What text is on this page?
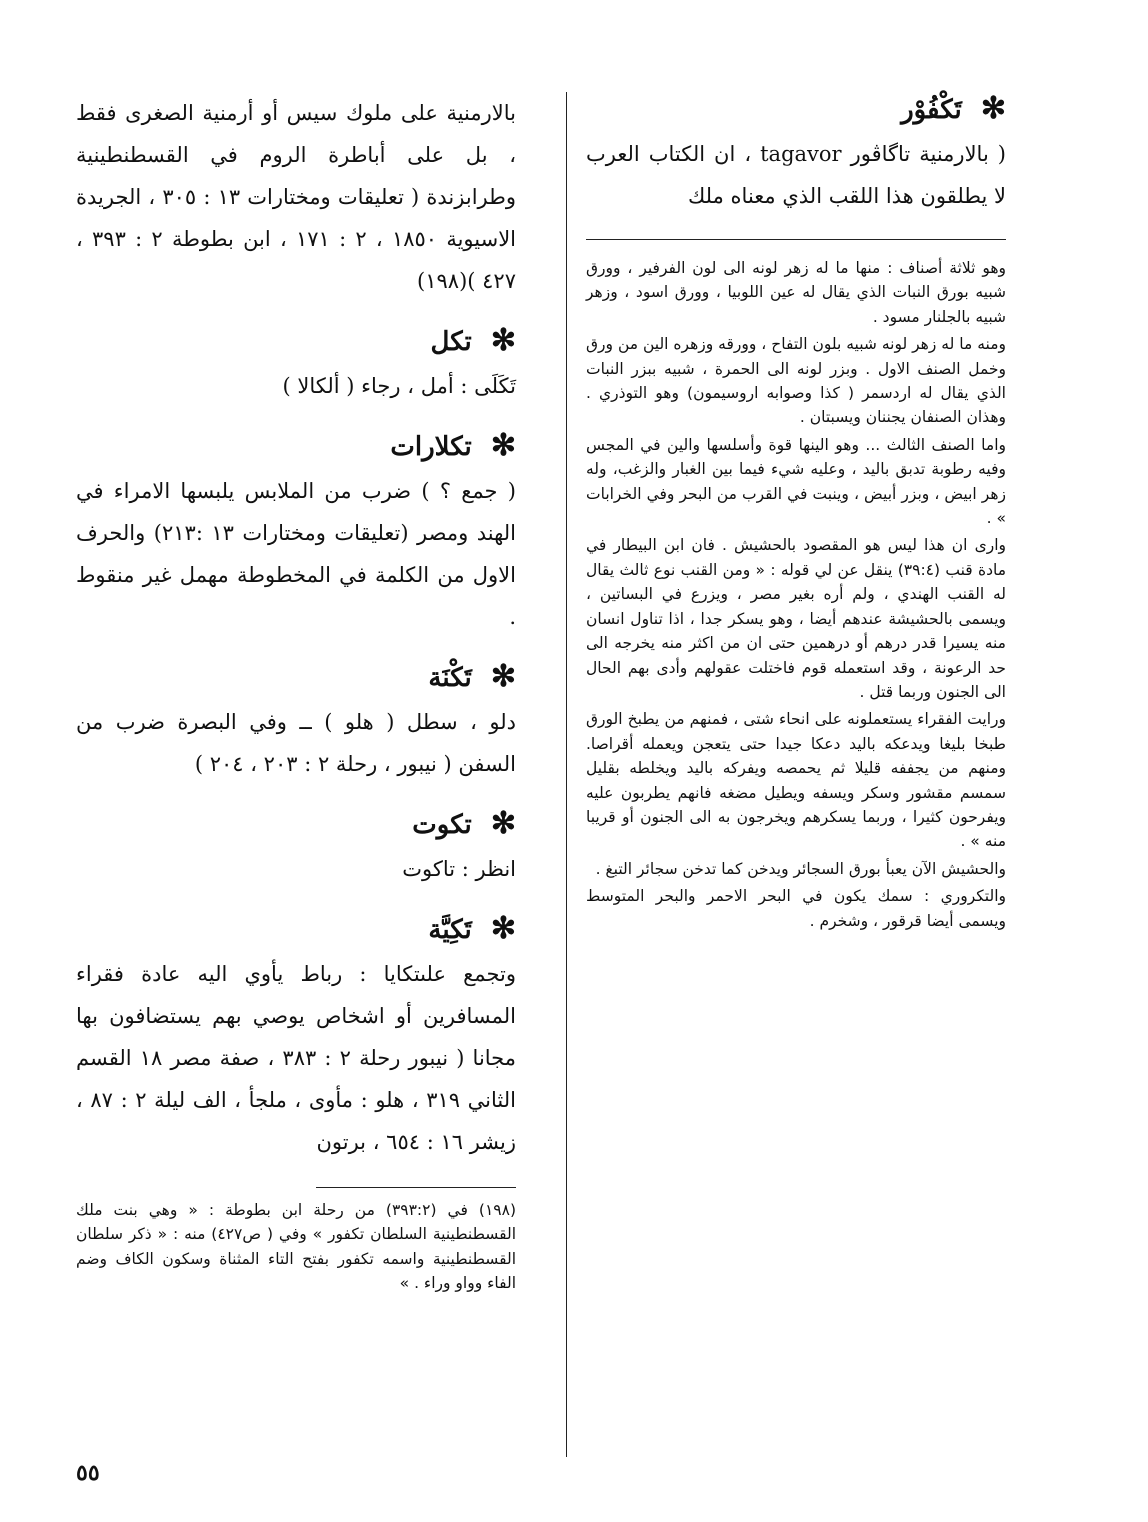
✻ تَكْفُوْر

( بالارمنية تاگاڤور tagavor ، ان الكتاب العرب لا يطلقون هذا اللقب الذي معناه ملك

وهو ثلاثة أصناف : منها ما له زهر لونه الى لون الفرفير ، وورق شبيه بورق النبات الذي يقال له عين اللوبيا ، وورق اسود ، وزهر شبيه بالجلنار مسود .

ومنه ما له زهر لونه شبيه بلون التفاح ، وورقه وزهره الين من ورق وخمل الصنف الاول . وبزر لونه الى الحمرة ، شبيه ببزر النبات الذي يقال له اردسمر ( كذا وصوابه اروسيمون) وهو التوذري . وهذان الصنفان يجننان ويسبتان .

واما الصنف الثالث ... وهو الينها قوة وأسلسها والين في المجس وفيه رطوبة تدبق باليد ، وعليه شيء فيما بين الغبار والزغب، وله زهر ابيض ، وبزر أبيض ، وينبت في القرب من البحر وفي الخرابات » .

واری ان هذا ليس هو المقصود بالحشيش . فان ابن البيطار في مادة قنب (٣٩:٤) ينقل عن لي قوله : « ومن القنب نوع ثالث يقال له القنب الهندي ، ولم أره بغير مصر ، ويزرع في البساتين ، ويسمى بالحشيشة عندهم أيضا ، وهو يسكر جدا ، اذا تناول انسان منه يسيرا قدر درهم أو درهمين حتى ان من اكثر منه يخرجه الى حد الرعونة ، وقد استعمله قوم فاختلت عقولهم وأدى بهم الحال الى الجنون وربما قتل .

ورايت الفقراء يستعملونه على انحاء شتى ، فمنهم من يطبخ الورق طبخا بليغا ويدعكه باليد دعكا جيدا حتى يتعجن ويعمله أقراصا. ومنهم من يجففه قليلا ثم يحمصه ويفركه باليد ويخلطه بقليل سمسم مقشور وسكر ويسفه ويطيل مضغه فانهم يطربون عليه ويفرحون كثيرا ، وربما يسكرهم ويخرجون به الى الجنون أو قريبا منه » .

والحشيش الآن يعبأ بورق السجائر ويدخن كما تدخن سجائر التبغ .

والتكروري : سمك يكون في البحر الاحمر والبحر المتوسط ويسمى أيضا قرقور ، وشخرم .

بالارمنية على ملوك سيس أو أرمنية الصغرى فقط ، بل على أباطرة الروم في القسطنطينية وطرابزندة ( تعليقات ومختارات ١٣ : ٣٠٥ ، الجريدة الاسيوية ١٨٥٠ ، ٢ : ١٧١ ، ابن بطوطة ٢ : ٣٩٣ ، ٤٢٧ )(١٩٨)

✻ تكل

تَكَلَى : أمل ، رجاء ( ألكالا )

✻ تكلارات

( جمع ؟ ) ضرب من الملابس يلبسها الامراء في الهند ومصر (تعليقات ومختارات ١٣ :٢١٣) والحرف الاول من الكلمة في المخطوطة مهمل غير منقوط .

✻ تَكْنَة

دلو ، سطل ( هلو ) ــ وفي البصرة ضرب من السفن ( نيبور ، رحلة ٢ : ٢٠٣ ، ٢٠٤ )

✻ تكوت

انظر : تاكوت

✻ تَكِيَّة

وتجمع علىتكايا : رباط يأوي اليه عادة فقراء المسافرين أو اشخاص يوصي بهم يستضافون بها مجانا ( نيبور رحلة ٢ : ٣٨٣ ، صفة مصر ١٨ القسم الثاني ٣١٩ ، هلو : مأوى ، ملجأ ، الف ليلة ٢ : ٨٧ ، زيشر ١٦ : ٦٥٤ ، برتون

(١٩٨) في (٣٩٣:٢) من رحلة ابن بطوطة : « وهي بنت ملك القسطنطينية السلطان تكفور » وفي ( ص٤٢٧) منه : « ذكر سلطان القسطنطينية واسمه تكفور بفتح التاء المثناة وسكون الكاف وضم الفاء وواو وراء . »

٥٥
